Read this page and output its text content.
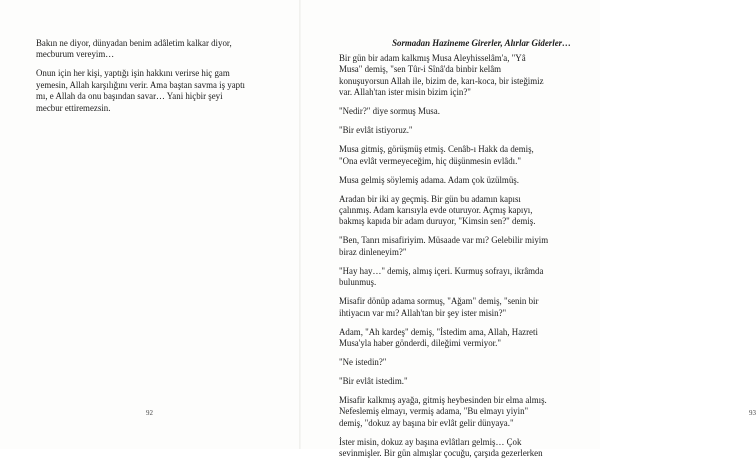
Bakın ne diyor, dünyadan benim adâletim kalkar diyor,
mecburum vereyim…

Onun için her kişi, yaptığı işin hakkını verirse hiç gam
yemesin, Allah karşılığını verir. Ama baştan savma iş yaptı
mı, e Allah da onu başından savar… Yani hiçbir şeyi
mecbur ettiremezsin.

92

Bir gün bir adam kalkmış Musa Aleyhisselâm'a, "Yâ
Musa" demiş, "sen Tûr-i Sînâ'da binbir kelâm
konuşuyorsun Allah ile, bizim de, karı-koca, bir isteğimiz
var. Allah'tan ister misin bizim için?"

"Nedir?" diye sormuş Musa.

"Bir evlât istiyoruz."

Musa gitmiş, görüşmüş etmiş. Cenâb-ı Hakk da demiş,
"Ona evlât vermeyeceğim, hiç düşünmesin evlâdı."

Musa gelmiş söylemiş adama. Adam çok üzülmüş.

Aradan bir iki ay geçmiş. Bir gün bu adamın kapısı
çalınmış. Adam karısıyla evde oturuyor. Açmış kapıyı,
bakmış kapıda bir adam duruyor, "Kimsin sen?" demiş.

"Ben, Tanrı misafiriyim. Müsaade var mı? Gelebilir miyim
biraz dinleneyim?"

"Hay hay…" demiş, almış içeri. Kurmuş sofrayı, ikrâmda
bulunmuş.

Misafir dönüp adama sormuş, "Ağam" demiş, "senin bir
ihtiyacın var mı? Allah'tan bir şey ister misin?"

Adam, "Ah kardeş" demiş, "İstedim ama, Allah, Hazreti
Musa'yla haber gönderdi, dileğimi vermiyor."

"Ne istedin?"

"Bir evlât istedim."

Misafir kalkmış ayağa, gitmiş heybesinden bir elma almış.
Nefeslemiş elmayı, vermiş adama, "Bu elmayı yiyin"
demiş, "dokuz ay başına bir evlât gelir dünyaya."

İster misin, dokuz ay başına evlâtları gelmiş… Çok
sevinmişler. Bir gün almışlar çocuğu, çarşıda gezerlerken

93
Sormadan Hazineme Girerler, Alırlar Giderler…
